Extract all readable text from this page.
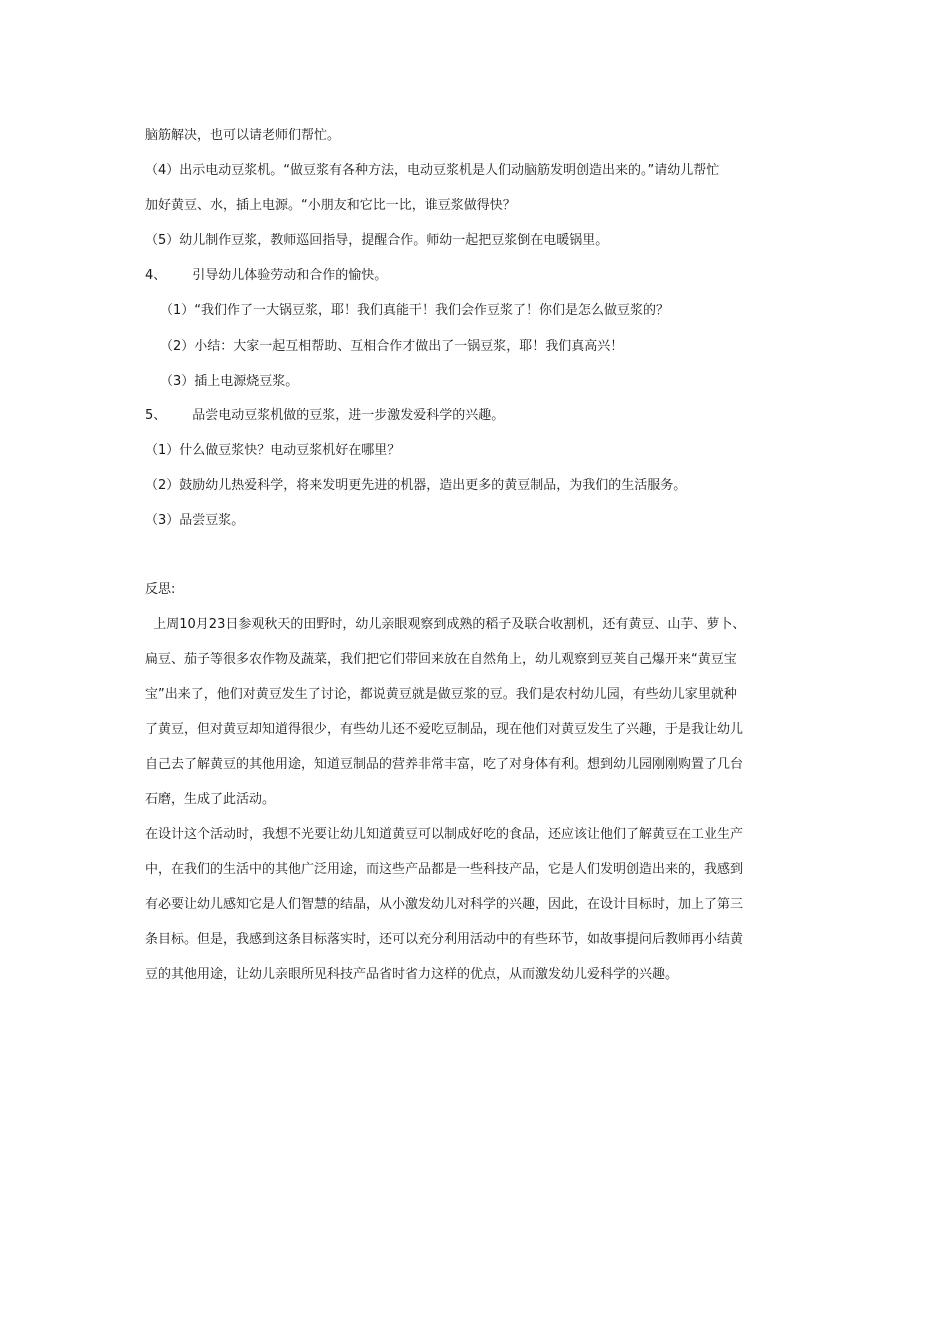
脑筋解决，也可以请老师们帮忙。
（4）出示电动豆浆机。“做豆浆有各种方法，电动豆浆机是人们动脑筋发明创造出来的。”请幼儿帮忙
加好黄豆、水，插上电源。“小朋友和它比一比，谁豆浆做得快？
（5）幼儿制作豆浆，教师巡回指导，提醒合作。师幼一起把豆浆倒在电暖锅里。
4、 引导幼儿体验劳动和合作的愉快。
（1）“我们作了一大锅豆浆，耶！我们真能干！我们会作豆浆了！你们是怎么做豆浆的？
（2）小结：大家一起互相帮助、互相合作才做出了一锅豆浆，耶！我们真高兴！
（3）插上电源烧豆浆。
5、 品尝电动豆浆机做的豆浆，进一步激发爱科学的兴趣。
（1）什么做豆浆快？电动豆浆机好在哪里？
（2）鼓励幼儿热爱科学，将来发明更先进的机器，造出更多的黄豆制品，为我们的生活服务。
（3）品尝豆浆。
反思:
上周10月23日参观秋天的田野时，幼儿亲眼观察到成熟的稻子及联合收割机，还有黄豆、山芋、萝卜、
扁豆、茄子等很多农作物及蔬菜，我们把它们带回来放在自然角上，幼儿观察到豆荚自己爆开来“黄豆宝
宝”出来了，他们对黄豆发生了讨论，都说黄豆就是做豆浆的豆。我们是农村幼儿园，有些幼儿家里就种
了黄豆，但对黄豆却知道得很少，有些幼儿还不爱吃豆制品，现在他们对黄豆发生了兴趣，于是我让幼儿
自己去了解黄豆的其他用途，知道豆制品的营养非常丰富，吃了对身体有利。想到幼儿园刚刚购置了几台
石磨，生成了此活动。
在设计这个活动时，我想不光要让幼儿知道黄豆可以制成好吃的食品，还应该让他们了解黄豆在工业生产
中，在我们的生活中的其他广泛用途，而这些产品都是一些科技产品，它是人们发明创造出来的，我感到
有必要让幼儿感知它是人们智慧的结晶，从小激发幼儿对科学的兴趣，因此，在设计目标时，加上了第三
条目标。但是，我感到这条目标落实时，还可以充分利用活动中的有些环节，如故事提问后教师再小结黄
豆的其他用途，让幼儿亲眼所见科技产品省时省力这样的优点，从而激发幼儿爱科学的兴趣。
